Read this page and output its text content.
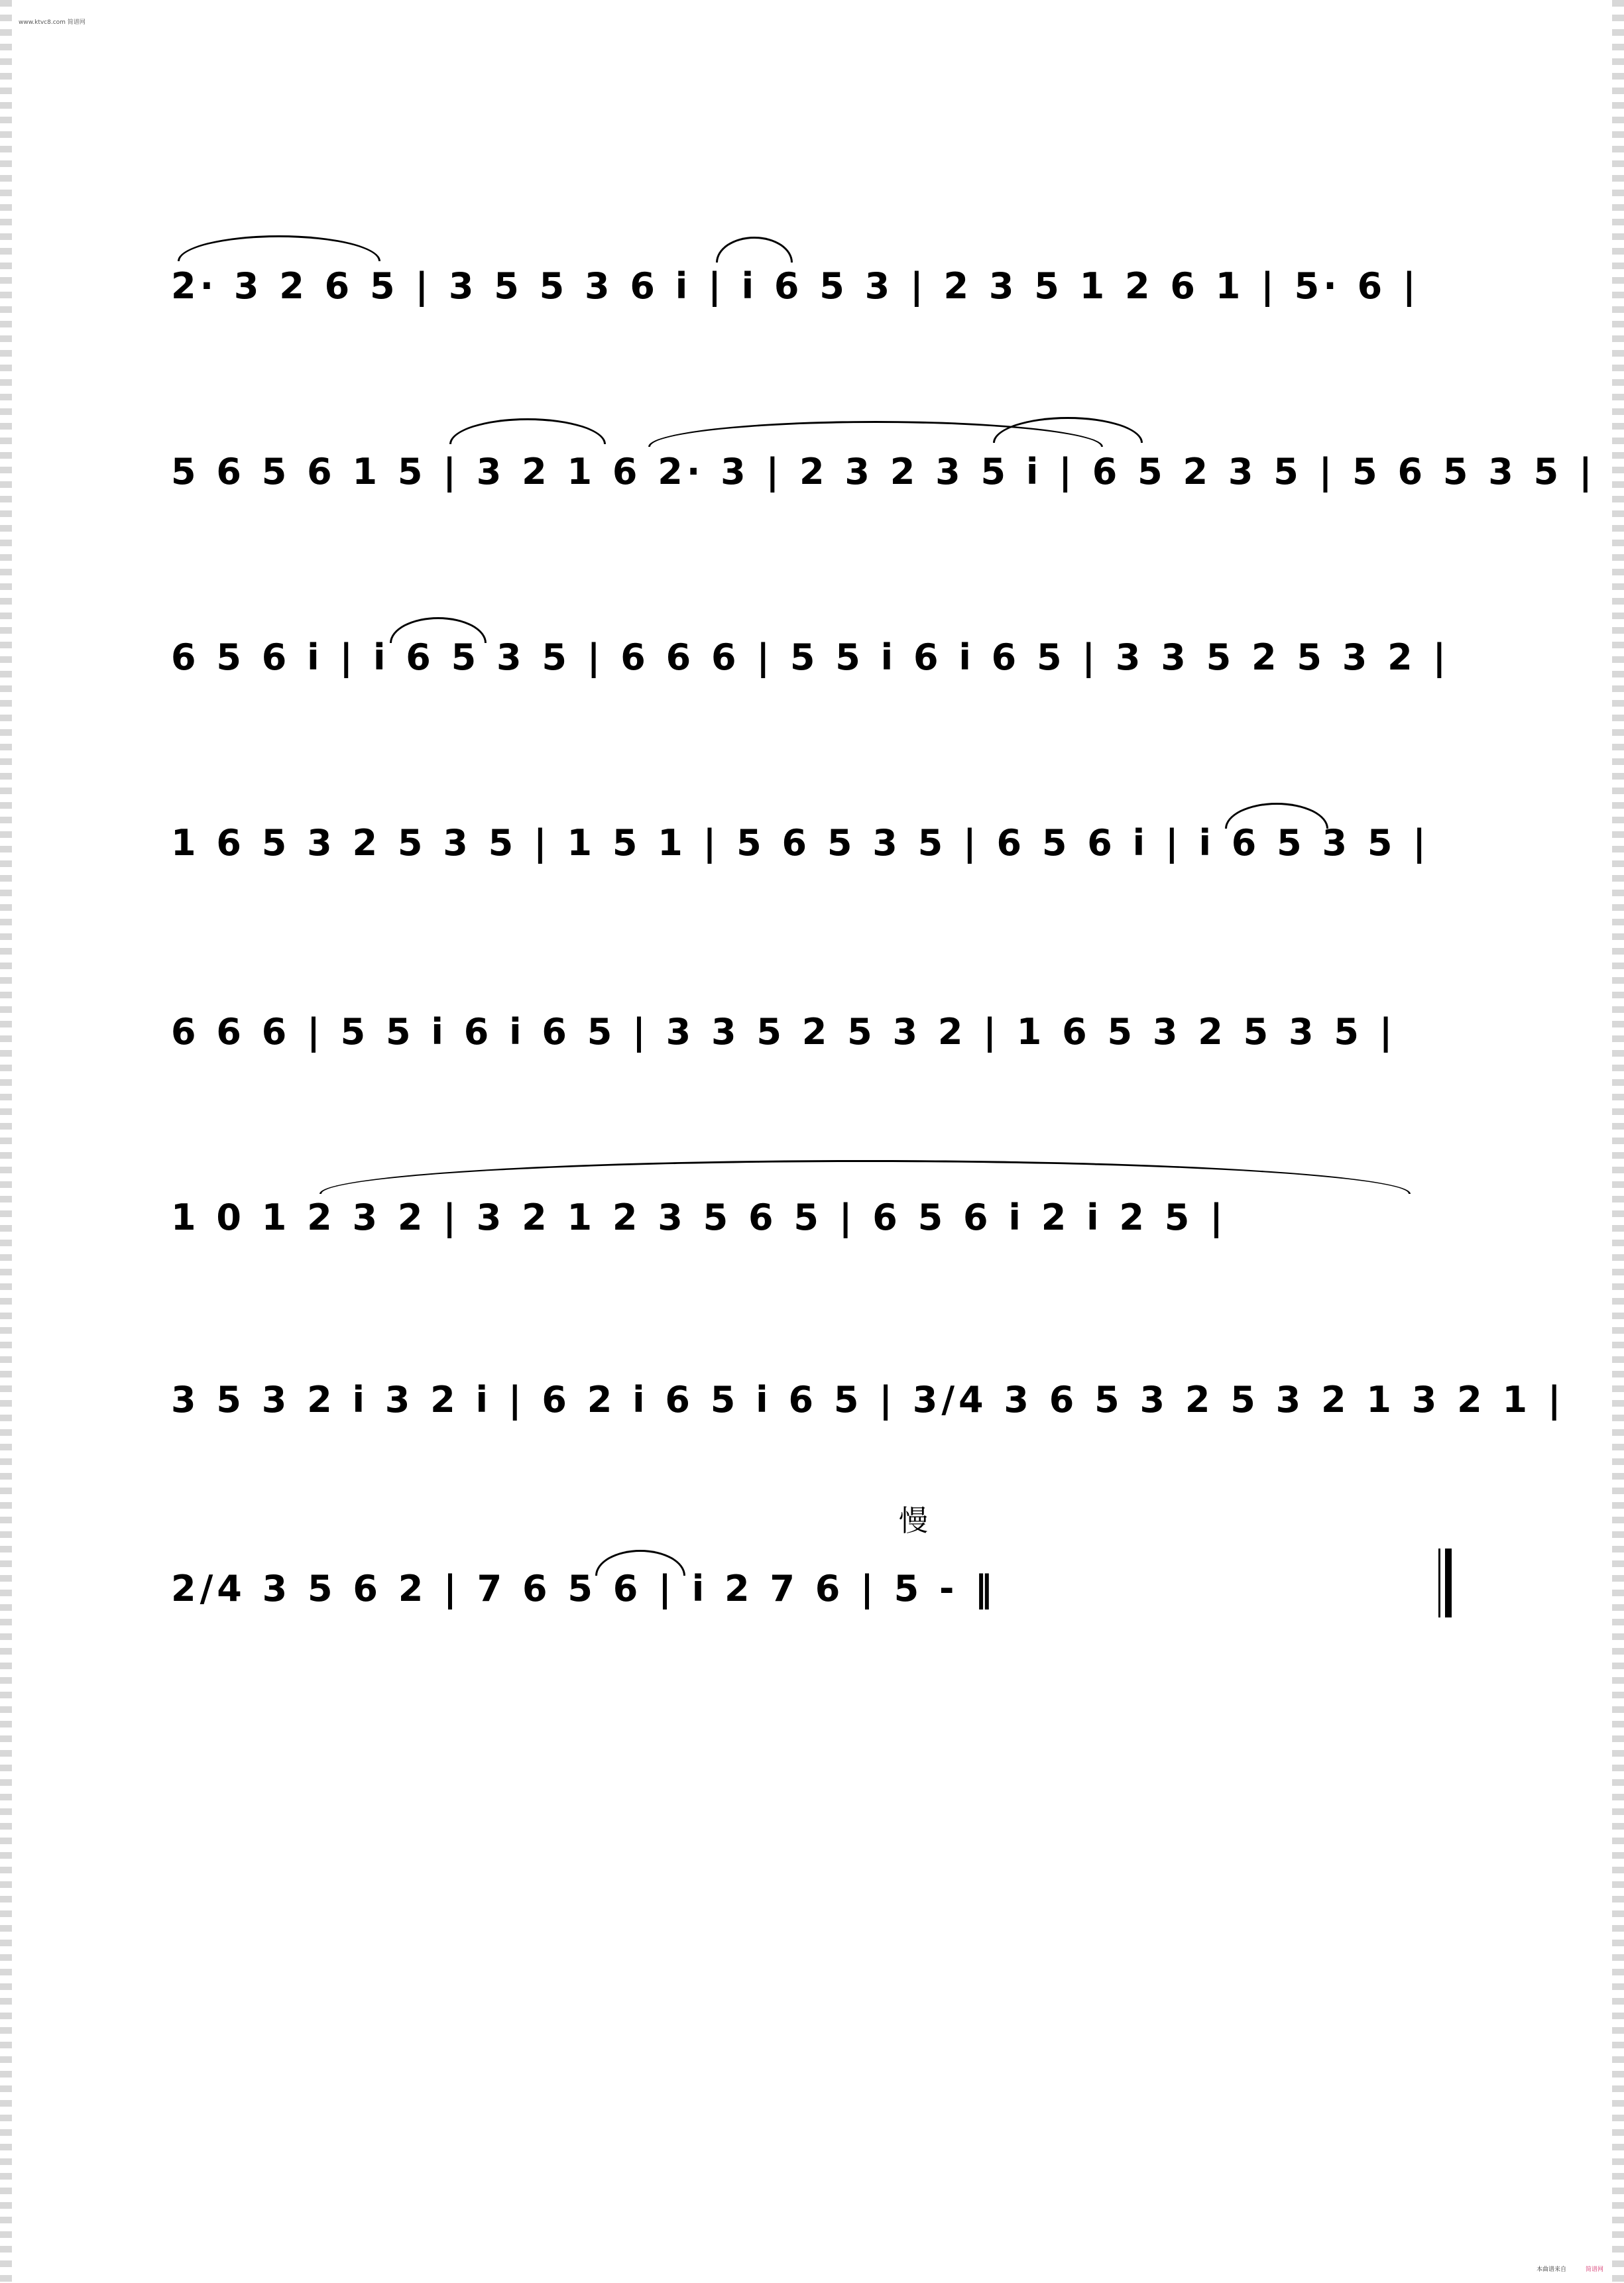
www.ktvc8.com 简谱网
2· 3 2 6 5 | 3 5 5 3 6 i | i 6 5 3 | 2 3 5 1 2 6 1 | 5· 6 |
5 6 5 6 1 5 | 3 2 1 6 2· 3 | 2 3 2 3 5 i | 6 5 2 3 5 | 5 6 5 3 5 |
6 5 6 i | i 6 5 3 5 | 6 6 6 | 5 5 i 6 i 6 5 | 3 3 5 2 5 3 2 |
1 6 5 3 2 5 3 5 | 1 5 1 | 5 6 5 3 5 | 6 5 6 i | i 6 5 3 5 |
6 6 6 | 5 5 i 6 i 6 5 | 3 3 5 2 5 3 2 | 1 6 5 3 2 5 3 5 |
1 0 1 2 3 2 | 3 2 1 2 3 5 6 5 | 6 5 6 i 2 i 2 5 |
3 5 3 2 i 3 2 i | 6 2 i 6 5 i 6 5 | 3/4 3 6 5 3 2 5 3 2 1 3 2 1 |
慢
2/4 3 5 6 2 | 7 6 5 6 | i 2 7 6 | 5 - ‖
本曲谱来自	简谱网
